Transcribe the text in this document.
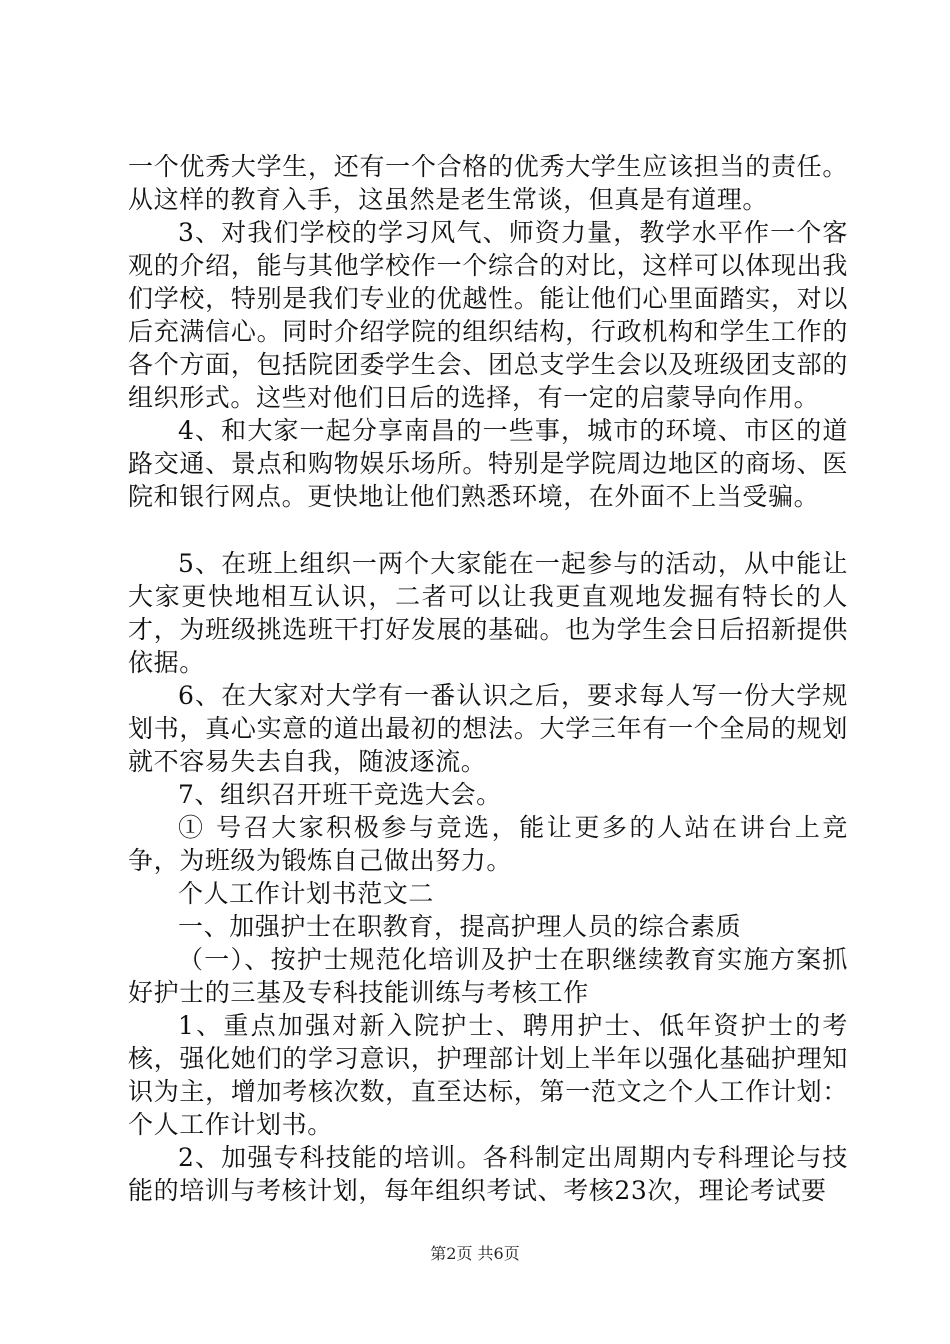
一个优秀大学生，还有一个合格的优秀大学生应该担当的责任。从这样的教育入手，这虽然是老生常谈，但真是有道理。

3、对我们学校的学习风气、师资力量，教学水平作一个客观的介绍，能与其他学校作一个综合的对比，这样可以体现出我们学校，特别是我们专业的优越性。能让他们心里面踏实，对以后充满信心。同时介绍学院的组织结构，行政机构和学生工作的各个方面，包括院团委学生会、团总支学生会以及班级团支部的组织形式。这些对他们日后的选择，有一定的启蒙导向作用。

4、和大家一起分享南昌的一些事，城市的环境、市区的道路交通、景点和购物娱乐场所。特别是学院周边地区的商场、医院和银行网点。更快地让他们熟悉环境，在外面不上当受骗。

5、在班上组织一两个大家能在一起参与的活动，从中能让大家更快地相互认识，二者可以让我更直观地发掘有特长的人才，为班级挑选班干打好发展的基础。也为学生会日后招新提供依据。

6、在大家对大学有一番认识之后，要求每人写一份大学规划书，真心实意的道出最初的想法。大学三年有一个全局的规划就不容易失去自我，随波逐流。

7、组织召开班干竞选大会。

① 号召大家积极参与竞选，能让更多的人站在讲台上竞争，为班级为锻炼自己做出努力。

个人工作计划书范文二

一、加强护士在职教育，提高护理人员的综合素质

（一）、按护士规范化培训及护士在职继续教育实施方案抓好护士的三基及专科技能训练与考核工作

1、重点加强对新入院护士、聘用护士、低年资护士的考核，强化她们的学习意识，护理部计划上半年以强化基础护理知识为主，增加考核次数，直至达标，第一范文之个人工作计划：个人工作计划书。

2、加强专科技能的培训。各科制定出周期内专科理论与技能的培训与考核计划，每年组织考试、考核23次，理论考试要

第2页 共6页
